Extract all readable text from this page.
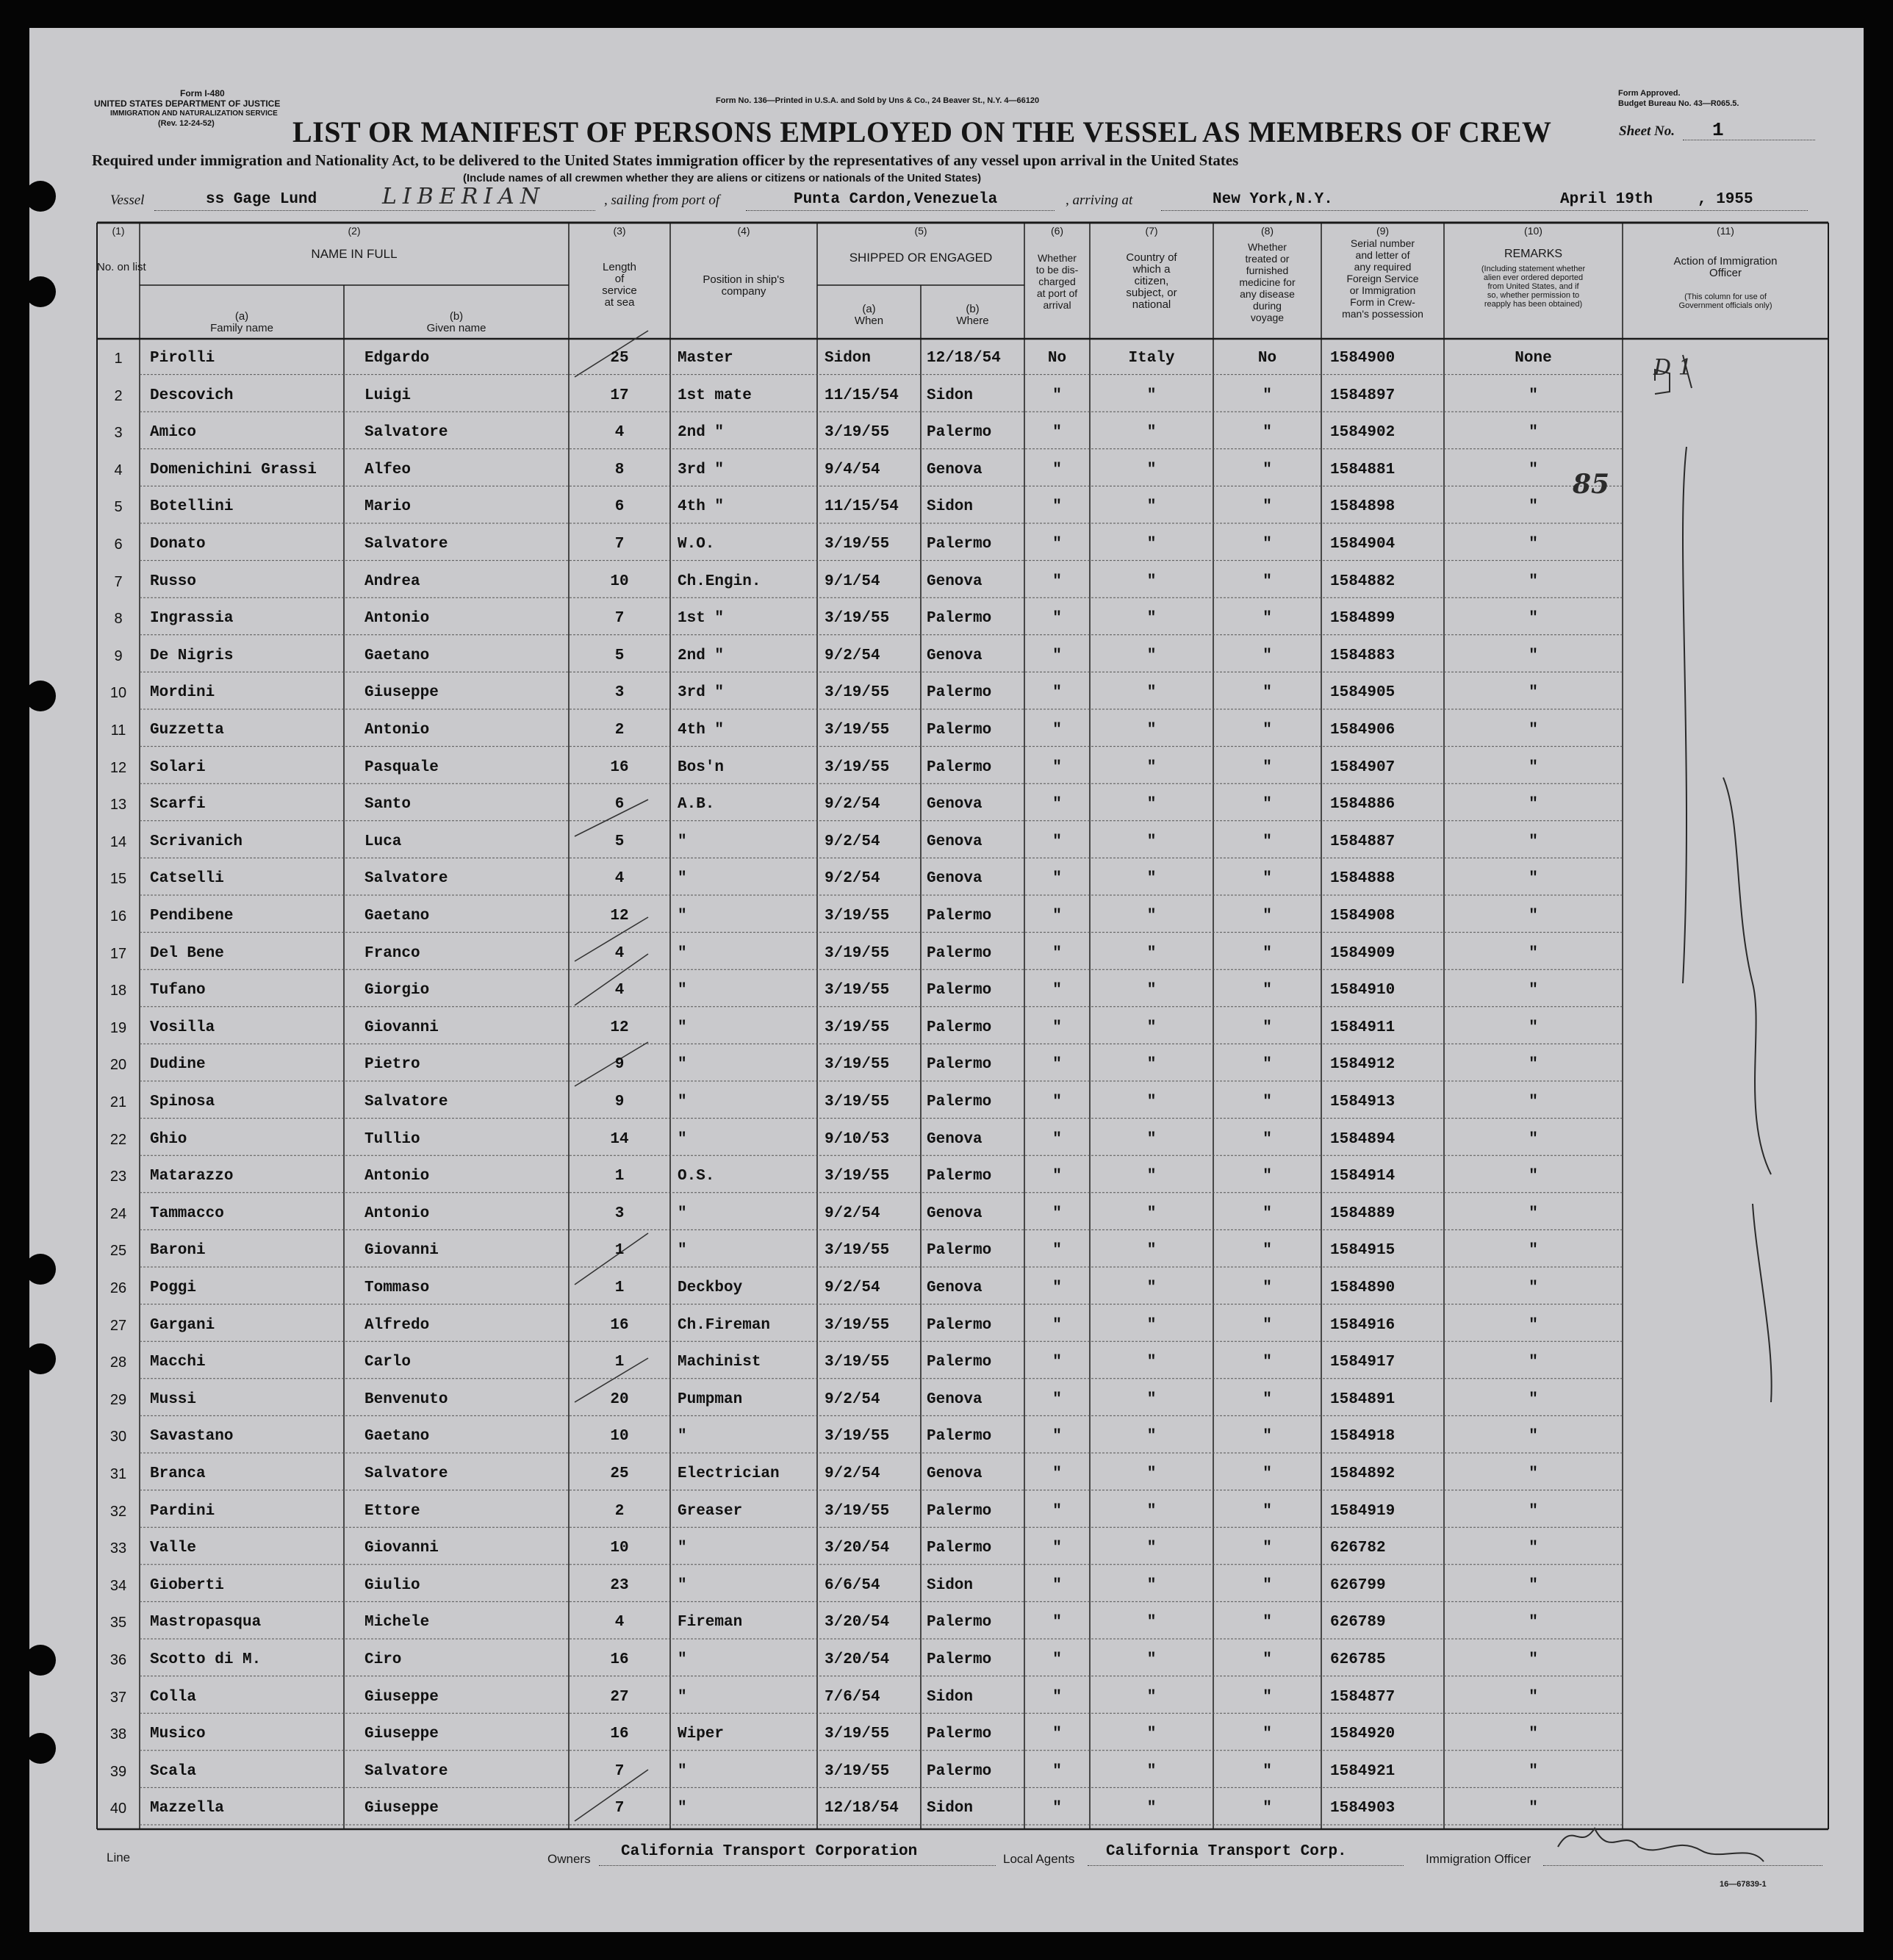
Form I-480
UNITED STATES DEPARTMENT OF JUSTICE
IMMIGRATION AND NATURALIZATION SERVICE
(Rev. 12-24-52)
Form No. 136—Printed in U.S.A. and Sold by Uns & Co., 24 Beaver St., N.Y. 4—66120
Form Approved.
Budget Bureau No. 43—R065.5.
LIST OR MANIFEST OF PERSONS EMPLOYED ON THE VESSEL AS MEMBERS OF CREW	Sheet No. 1
Required under immigration and Nationality Act, to be delivered to the United States immigration officer by the representatives of any vessel upon arrival in the United States
(Include names of all crewmen whether they are aliens or citizens or nationals of the United States)
Vessel	ss Gage Lund	LIBERIAN	, sailing from port of	Punta Cardon,Venezuela	, arriving at	New York,N.Y.	April 19th	, 1955
(1)	(2)	(3)	(4)	(5)	(6)	(7)	(8)	(9)	(10)	(11)
No. on list
NAME IN FULL
(a)
Family name
(b)
Given name
Length
of
service
at sea
Position in ship's
company
SHIPPED OR ENGAGED
(a)
When
(b)
Where
Whether
to be dis-
charged
at port of
arrival
Country of
which a
citizen,
subject, or
national
Whether
treated or
furnished
medicine for
any disease
during
voyage
Serial number
and letter of
any required
Foreign Service
or Immigration
Form in Crew-
man's possession
REMARKS
(Including statement whether
alien ever ordered deported
from United States, and if
so, whether permission to
reapply has been obtained)
Action of Immigration
Officer
(This column for use of
Government officials only)
1	Pirolli	Edgardo	25	Master	Sidon	12/18/54	No	Italy	No	1584900	None
2	Descovich	Luigi	17	1st mate	11/15/54	Sidon	"	"	"	1584897	"
3	Amico	Salvatore	4	2nd "	3/19/55	Palermo	"	"	"	1584902	"
4	Domenichini Grassi	Alfeo	8	3rd "	9/4/54	Genova	"	"	"	1584881	"
5	Botellini	Mario	6	4th "	11/15/54	Sidon	"	"	"	1584898	"
6	Donato	Salvatore	7	W.O.	3/19/55	Palermo	"	"	"	1584904	"
7	Russo	Andrea	10	Ch.Engin.	9/1/54	Genova	"	"	"	1584882	"
8	Ingrassia	Antonio	7	1st "	3/19/55	Palermo	"	"	"	1584899	"
9	De Nigris	Gaetano	5	2nd "	9/2/54	Genova	"	"	"	1584883	"
10	Mordini	Giuseppe	3	3rd "	3/19/55	Palermo	"	"	"	1584905	"
11	Guzzetta	Antonio	2	4th "	3/19/55	Palermo	"	"	"	1584906	"
12	Solari	Pasquale	16	Bos'n	3/19/55	Palermo	"	"	"	1584907	"
13	Scarfi	Santo	6	A.B.	9/2/54	Genova	"	"	"	1584886	"
14	Scrivanich	Luca	5	"	9/2/54	Genova	"	"	"	1584887	"
15	Catselli	Salvatore	4	"	9/2/54	Genova	"	"	"	1584888	"
16	Pendibene	Gaetano	12	"	3/19/55	Palermo	"	"	"	1584908	"
17	Del Bene	Franco	4	"	3/19/55	Palermo	"	"	"	1584909	"
18	Tufano	Giorgio	4	"	3/19/55	Palermo	"	"	"	1584910	"
19	Vosilla	Giovanni	12	"	3/19/55	Palermo	"	"	"	1584911	"
20	Dudine	Pietro	9	"	3/19/55	Palermo	"	"	"	1584912	"
21	Spinosa	Salvatore	9	"	3/19/55	Palermo	"	"	"	1584913	"
22	Ghio	Tullio	14	"	9/10/53	Genova	"	"	"	1584894	"
23	Matarazzo	Antonio	1	O.S.	3/19/55	Palermo	"	"	"	1584914	"
24	Tammacco	Antonio	3	"	9/2/54	Genova	"	"	"	1584889	"
25	Baroni	Giovanni	1	"	3/19/55	Palermo	"	"	"	1584915	"
26	Poggi	Tommaso	1	Deckboy	9/2/54	Genova	"	"	"	1584890	"
27	Gargani	Alfredo	16	Ch.Fireman	3/19/55	Palermo	"	"	"	1584916	"
28	Macchi	Carlo	1	Machinist	3/19/55	Palermo	"	"	"	1584917	"
29	Mussi	Benvenuto	20	Pumpman	9/2/54	Genova	"	"	"	1584891	"
30	Savastano	Gaetano	10	"	3/19/55	Palermo	"	"	"	1584918	"
31	Branca	Salvatore	25	Electrician	9/2/54	Genova	"	"	"	1584892	"
32	Pardini	Ettore	2	Greaser	3/19/55	Palermo	"	"	"	1584919	"
33	Valle	Giovanni	10	"	3/20/54	Palermo	"	"	"	626782	"
34	Gioberti	Giulio	23	"	6/6/54	Sidon	"	"	"	626799	"
35	Mastropasqua	Michele	4	Fireman	3/20/54	Palermo	"	"	"	626789	"
36	Scotto di M.	Ciro	16	"	3/20/54	Palermo	"	"	"	626785	"
37	Colla	Giuseppe	27	"	7/6/54	Sidon	"	"	"	1584877	"
38	Musico	Giuseppe	16	Wiper	3/19/55	Palermo	"	"	"	1584920	"
39	Scala	Salvatore	7	"	3/19/55	Palermo	"	"	"	1584921	"
40	Mazzella	Giuseppe	7	"	12/18/54	Sidon	"	"	"	1584903	"
85
D 1
Line	Owners California Transport Corporation	Local Agents California Transport Corp.	Immigration Officer
16—67839-1
